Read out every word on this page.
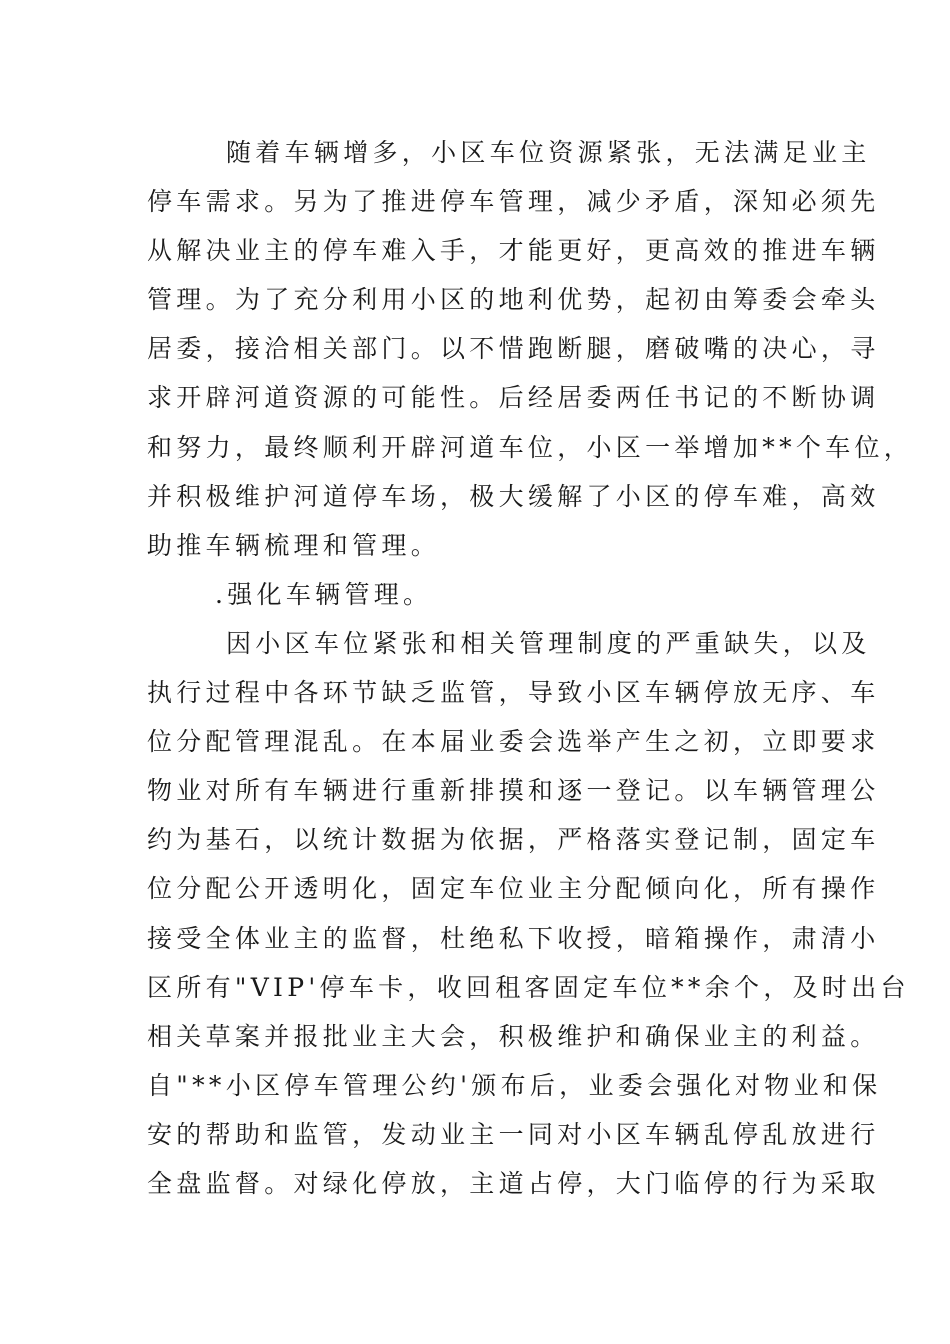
随着车辆增多，小区车位资源紧张，无法满足业主
停车需求。另为了推进停车管理，减少矛盾，深知必须先
从解决业主的停车难入手，才能更好，更高效的推进车辆
管理。为了充分利用小区的地利优势，起初由筹委会牵头
居委，接洽相关部门。以不惜跑断腿，磨破嘴的决心，寻
求开辟河道资源的可能性。后经居委两任书记的不断协调
和努力，最终顺利开辟河道车位，小区一举增加**个车位，
并积极维护河道停车场，极大缓解了小区的停车难，高效
助推车辆梳理和管理。
.强化车辆管理。
因小区车位紧张和相关管理制度的严重缺失，以及
执行过程中各环节缺乏监管，导致小区车辆停放无序、车
位分配管理混乱。在本届业委会选举产生之初，立即要求
物业对所有车辆进行重新排摸和逐一登记。以车辆管理公
约为基石，以统计数据为依据，严格落实登记制，固定车
位分配公开透明化，固定车位业主分配倾向化，所有操作
接受全体业主的监督，杜绝私下收授，暗箱操作，肃清小
区所有"VIP'停车卡，收回租客固定车位**余个，及时出台
相关草案并报批业主大会，积极维护和确保业主的利益。
自"**小区停车管理公约'颁布后，业委会强化对物业和保
安的帮助和监管，发动业主一同对小区车辆乱停乱放进行
全盘监督。对绿化停放，主道占停，大门临停的行为采取
